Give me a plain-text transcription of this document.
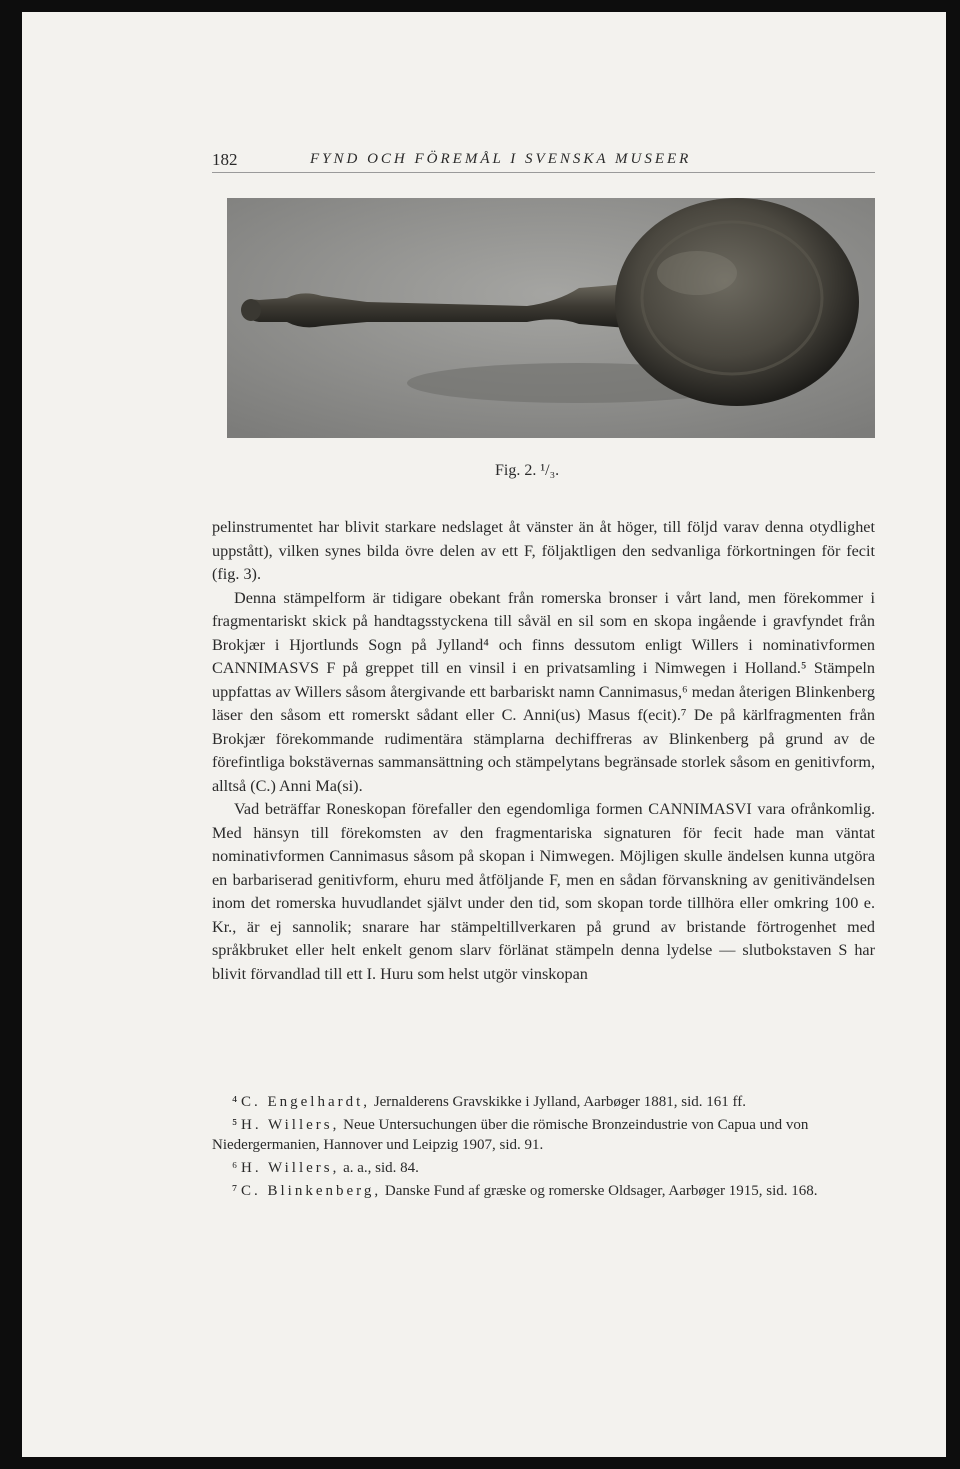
182	FYND OCH FÖREMÅL I SVENSKA MUSEER
Fig. 2. ¹/₃.

pelinstrumentet har blivit starkare nedslaget åt vänster än åt höger, till följd varav denna otydlighet uppstått), vilken synes bilda övre delen av ett F, följaktligen den sedvanliga förkortningen för fecit (fig. 3).

Denna stämpelform är tidigare obekant från romerska bronser i vårt land, men förekommer i fragmentariskt skick på handtagsstyckena till såväl en sil som en skopa ingående i gravfyndet från Brokjær i Hjortlunds Sogn på Jylland⁴ och finns dessutom enligt Willers i nominativformen CANNIMASVS F på greppet till en vinsil i en privatsamling i Nimwegen i Holland.⁵ Stämpeln uppfattas av Willers såsom återgivande ett barbariskt namn Cannimasus,⁶ medan återigen Blinkenberg läser den såsom ett romerskt sådant eller C. Anni(us) Masus f(ecit).⁷ De på kärlfragmenten från Brokjær förekommande rudimentära stämplarna dechiffreras av Blinkenberg på grund av de förefintliga bokstävernas sammansättning och stämpelytans begränsade storlek såsom en genitivform, alltså (C.) Anni Ma(si).

Vad beträffar Roneskopan förefaller den egendomliga formen CANNIMASVI vara ofrånkomlig. Med hänsyn till förekomsten av den fragmentariska signaturen för fecit hade man väntat nominativformen Cannimasus såsom på skopan i Nimwegen. Möjligen skulle ändelsen kunna utgöra en barbariserad genitivform, ehuru med åtföljande F, men en sådan förvanskning av genitivändelsen inom det romerska huvudlandet självt under den tid, som skopan torde tillhöra eller omkring 100 e. Kr., är ej sannolik; snarare har stämpeltillverkaren på grund av bristande förtrogenhet med språkbruket eller helt enkelt genom slarv förlänat stämpeln denna lydelse — slutbokstaven S har blivit förvandlad till ett I. Huru som helst utgör vinskopan

⁴ C. Engelhardt, Jernalderens Gravskikke i Jylland, Aarbøger 1881, sid. 161 ff.

⁵ H. Willers, Neue Untersuchungen über die römische Bronzeindustrie von Capua und von Niedergermanien, Hannover und Leipzig 1907, sid. 91.

⁶ H. Willers, a. a., sid. 84.

⁷ C. Blinkenberg, Danske Fund af græske og romerske Oldsager, Aarbøger 1915, sid. 168.
